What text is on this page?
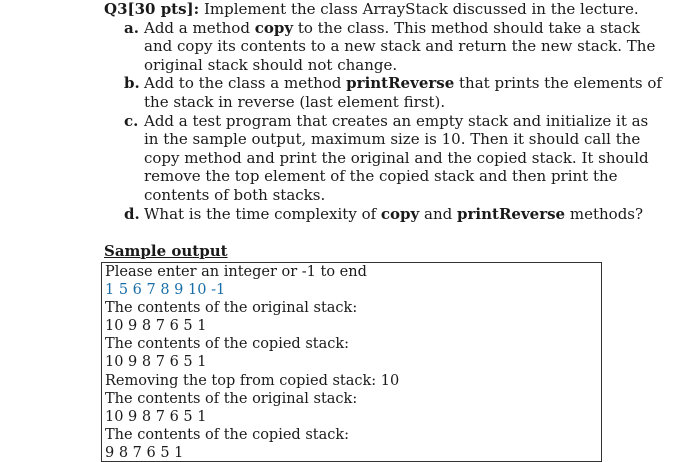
Q3[30 pts]: Implement the class ArrayStack discussed in the lecture.
a. Add a method copy to the class. This method should take a stack and copy its contents to a new stack and return the new stack. The original stack should not change.
b. Add to the class a method printReverse that prints the elements of the stack in reverse (last element first).
c. Add a test program that creates an empty stack and initialize it as in the sample output, maximum size is 10. Then it should call the copy method and print the original and the copied stack. It should remove the top element of the copied stack and then print the contents of both stacks.
d. What is the time complexity of copy and printReverse methods?
Sample output
Please enter an integer or -1 to end
1 5 6 7 8 9 10 -1
The contents of the original stack:
10 9 8 7 6 5 1
The contents of the copied stack:
10 9 8 7 6 5 1
Removing the top from copied stack: 10
The contents of the original stack:
10 9 8 7 6 5 1
The contents of the copied stack:
9 8 7 6 5 1
